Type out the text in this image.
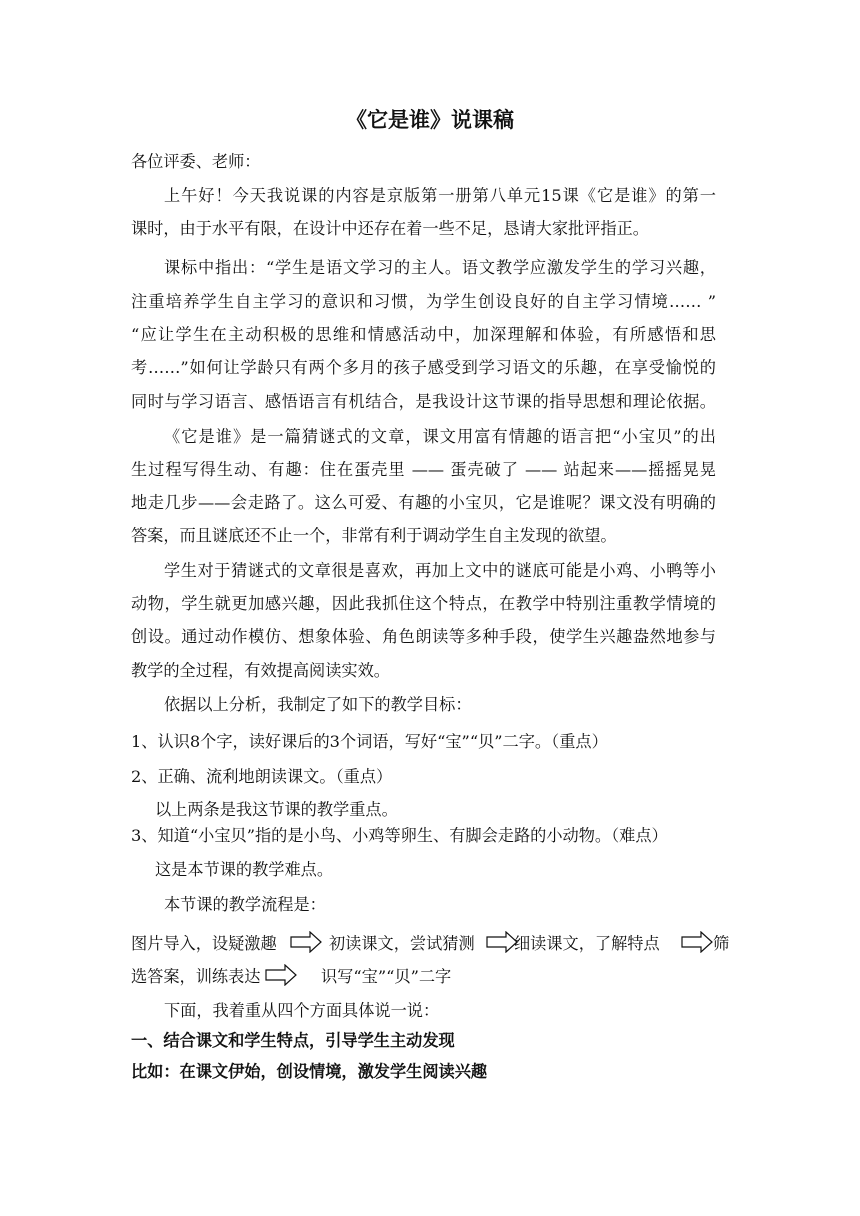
《它是谁》说课稿
各位评委、老师：
上午好！今天我说课的内容是京版第一册第八单元15课《它是谁》的第一
课时，由于水平有限，在设计中还存在着一些不足，恳请大家批评指正。
课标中指出：“学生是语文学习的主人。语文教学应激发学生的学习兴趣，
注重培养学生自主学习的意识和习惯，为学生创设良好的自主学习情境…… ”
“应让学生在主动积极的思维和情感活动中，加深理解和体验，有所感悟和思
考……”如何让学龄只有两个多月的孩子感受到学习语文的乐趣，在享受愉悦的
同时与学习语言、感悟语言有机结合，是我设计这节课的指导思想和理论依据。
《它是谁》是一篇猜谜式的文章，课文用富有情趣的语言把“小宝贝”的出
生过程写得生动、有趣：住在蛋壳里 —— 蛋壳破了 —— 站起来——摇摇晃晃
地走几步——会走路了。这么可爱、有趣的小宝贝，它是谁呢？课文没有明确的
答案，而且谜底还不止一个，非常有利于调动学生自主发现的欲望。
学生对于猜谜式的文章很是喜欢，再加上文中的谜底可能是小鸡、小鸭等小
动物，学生就更加感兴趣，因此我抓住这个特点，在教学中特别注重教学情境的
创设。通过动作模仿、想象体验、角色朗读等多种手段，使学生兴趣盎然地参与
教学的全过程，有效提高阅读实效。
依据以上分析，我制定了如下的教学目标：
1、认识8个字，读好课后的3个词语，写好“宝”“贝”二字。（重点）
2、正确、流利地朗读课文。（重点）
以上两条是我这节课的教学重点。
3、知道“小宝贝”指的是小鸟、小鸡等卵生、有脚会走路的小动物。（难点）
这是本节课的教学难点。
本节课的教学流程是：
图片导入，设疑激趣	初读课文，尝试猜测 细读课文，了解特点	筛
选答案，训练表达	识写“宝”“贝”二字
下面，我着重从四个方面具体说一说：
一、结合课文和学生特点，引导学生主动发现
比如：在课文伊始，创设情境，激发学生阅读兴趣
